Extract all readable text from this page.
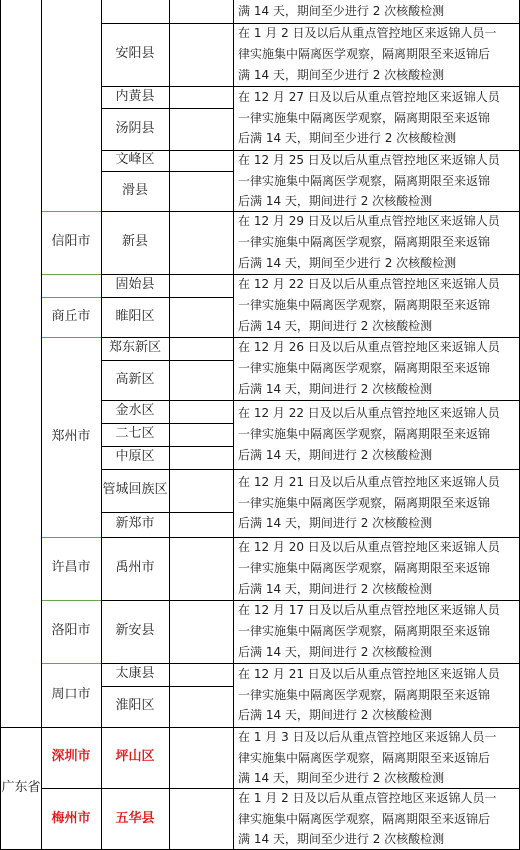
广东省
信阳市
商丘市
郑州市
许昌市
洛阳市
周口市
深圳市
梅州市
安阳县
内黄县
汤阴县
文峰区
滑县
新县
固始县
睢阳区
郑东新区
高新区
金水区
二七区
中原区
管城回族区
新郑市
禹州市
新安县
太康县
淮阳区
坪山区
五华县
满 14 天，期间至少进行 2 次核酸检测
在 1 月 2 日及以后从重点管控地区来返锦人员一
律实施集中隔离医学观察，隔离期限至来返锦后
满 14 天，期间至少进行 2 次核酸检测
在 12 月 27 日及以后从重点管控地区来返锦人员
一律实施集中隔离医学观察，隔离期限至来返锦
后满 14 天，期间至少进行 2 次核酸检测
在 12 月 25 日及以后从重点管控地区来返锦人员
一律实施集中隔离医学观察，隔离期限至来返锦
后满 14 天，期间进行 2 次核酸检测
在 12 月 29 日及以后从重点管控地区来返锦人员
一律实施集中隔离医学观察，隔离期限至来返锦
后满 14 天，期间至少进行 2 次核酸检测
在 12 月 22 日及以后从重点管控地区来返锦人员
一律实施集中隔离医学观察，隔离期限至来返锦
后满 14 天，期间进行 2 次核酸检测
在 12 月 26 日及以后从重点管控地区来返锦人员
一律实施集中隔离医学观察，隔离期限至来返锦
后满 14 天，期间进行 2 次核酸检测
在 12 月 22 日及以后从重点管控地区来返锦人员
一律实施集中隔离医学观察，隔离期限至来返锦
后满 14 天，期间进行 2 次核酸检测
在 12 月 21 日及以后从重点管控地区来返锦人员
一律实施集中隔离医学观察，隔离期限至来返锦
后满 14 天，期间进行 2 次核酸检测
在 12 月 20 日及以后从重点管控地区来返锦人员
一律实施集中隔离医学观察，隔离期限至来返锦
后满 14 天，期间进行 2 次核酸检测
在 12 月 17 日及以后从重点管控地区来返锦人员
一律实施集中隔离医学观察，隔离期限至来返锦
后满 14 天，期间进行 2 次核酸检测
在 12 月 21 日及以后从重点管控地区来返锦人员
一律实施集中隔离医学观察，隔离期限至来返锦
后满 14 天，期间进行 2 次核酸检测
在 1 月 3 日及以后从重点管控地区来返锦人员一
律实施集中隔离医学观察，隔离期限至来返锦后
满 14 天，期间至少进行 2 次核酸检测
在 1 月 2 日及以后从重点管控地区来返锦人员一
律实施集中隔离医学观察，隔离期限至来返锦后
满 14 天，期间至少进行 2 次核酸检测
